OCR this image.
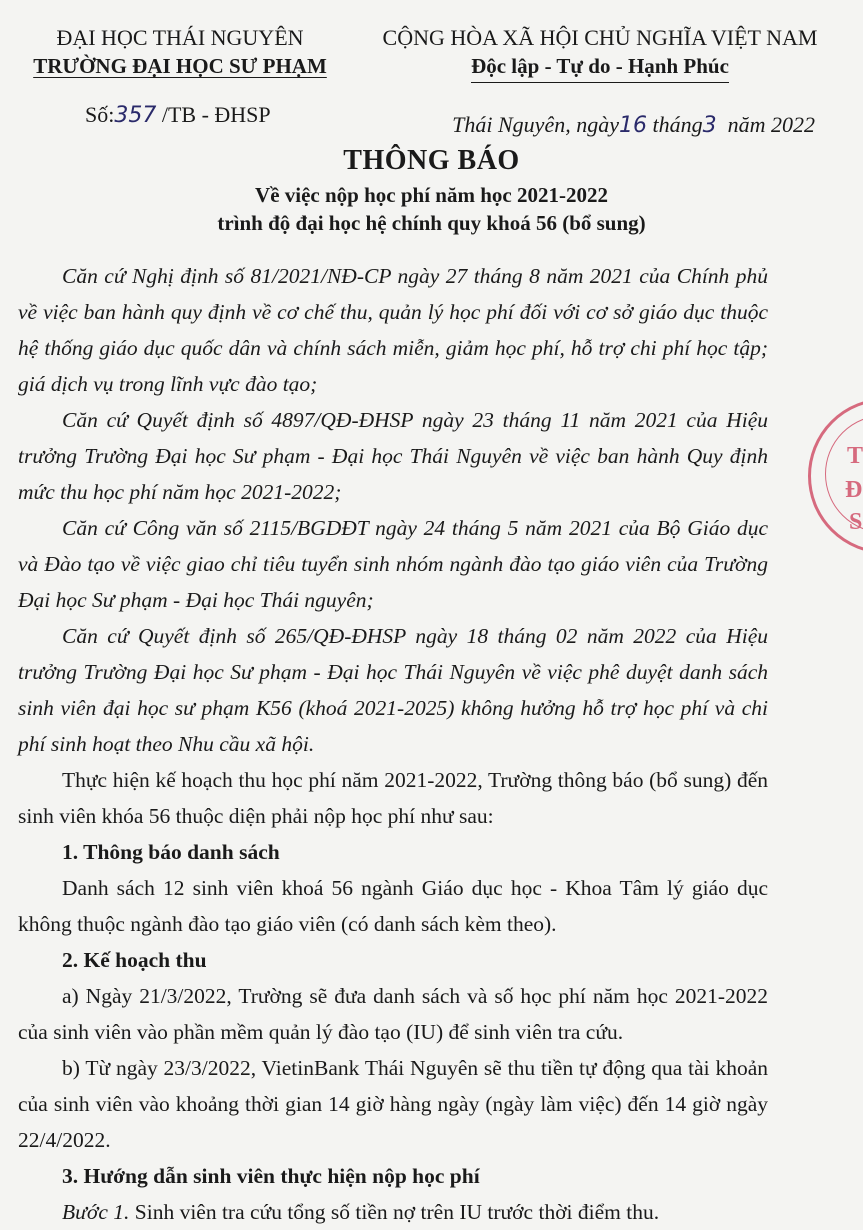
ĐẠI HỌC THÁI NGUYÊN
TRƯỜNG ĐẠI HỌC SƯ PHẠM
CỘNG HÒA XÃ HỘI CHỦ NGHĨA VIỆT NAM
Độc lập - Tự do - Hạnh Phúc
Số:357 /TB - ĐHSP	Thái Nguyên, ngày16 tháng3 năm 2022
THÔNG BÁO
Về việc nộp học phí năm học 2021-2022
trình độ đại học hệ chính quy khoá 56 (bổ sung)

Căn cứ Nghị định số 81/2021/NĐ-CP ngày 27 tháng 8 năm 2021 của Chính phủ về việc ban hành quy định về cơ chế thu, quản lý học phí đối với cơ sở giáo dục thuộc hệ thống giáo dục quốc dân và chính sách miễn, giảm học phí, hỗ trợ chi phí học tập; giá dịch vụ trong lĩnh vực đào tạo;

Căn cứ Quyết định số 4897/QĐ-ĐHSP ngày 23 tháng 11 năm 2021 của Hiệu trưởng Trường Đại học Sư phạm - Đại học Thái Nguyên về việc ban hành Quy định mức thu học phí năm học 2021-2022;

Căn cứ Công văn số 2115/BGDĐT ngày 24 tháng 5 năm 2021 của Bộ Giáo dục và Đào tạo về việc giao chỉ tiêu tuyển sinh nhóm ngành đào tạo giáo viên của Trường Đại học Sư phạm - Đại học Thái nguyên;

Căn cứ Quyết định số 265/QĐ-ĐHSP ngày 18 tháng 02 năm 2022 của Hiệu trưởng Trường Đại học Sư phạm - Đại học Thái Nguyên về việc phê duyệt danh sách sinh viên đại học sư phạm K56 (khoá 2021-2025) không hưởng hỗ trợ học phí và chi phí sinh hoạt theo Nhu cầu xã hội.

Thực hiện kế hoạch thu học phí năm 2021-2022, Trường thông báo (bổ sung) đến sinh viên khóa 56 thuộc diện phải nộp học phí như sau:

1. Thông báo danh sách

Danh sách 12 sinh viên khoá 56 ngành Giáo dục học - Khoa Tâm lý giáo dục không thuộc ngành đào tạo giáo viên (có danh sách kèm theo).

2. Kế hoạch thu

a) Ngày 21/3/2022, Trường sẽ đưa danh sách và số học phí năm học 2021-2022 của sinh viên vào phần mềm quản lý đào tạo (IU) để sinh viên tra cứu.

b) Từ ngày 23/3/2022, VietinBank Thái Nguyên sẽ thu tiền tự động qua tài khoản của sinh viên vào khoảng thời gian 14 giờ hàng ngày (ngày làm việc) đến 14 giờ ngày 22/4/2022.

3. Hướng dẫn sinh viên thực hiện nộp học phí

Bước 1. Sinh viên tra cứu tổng số tiền nợ trên IU trước thời điểm thu.

T
Đ
S
